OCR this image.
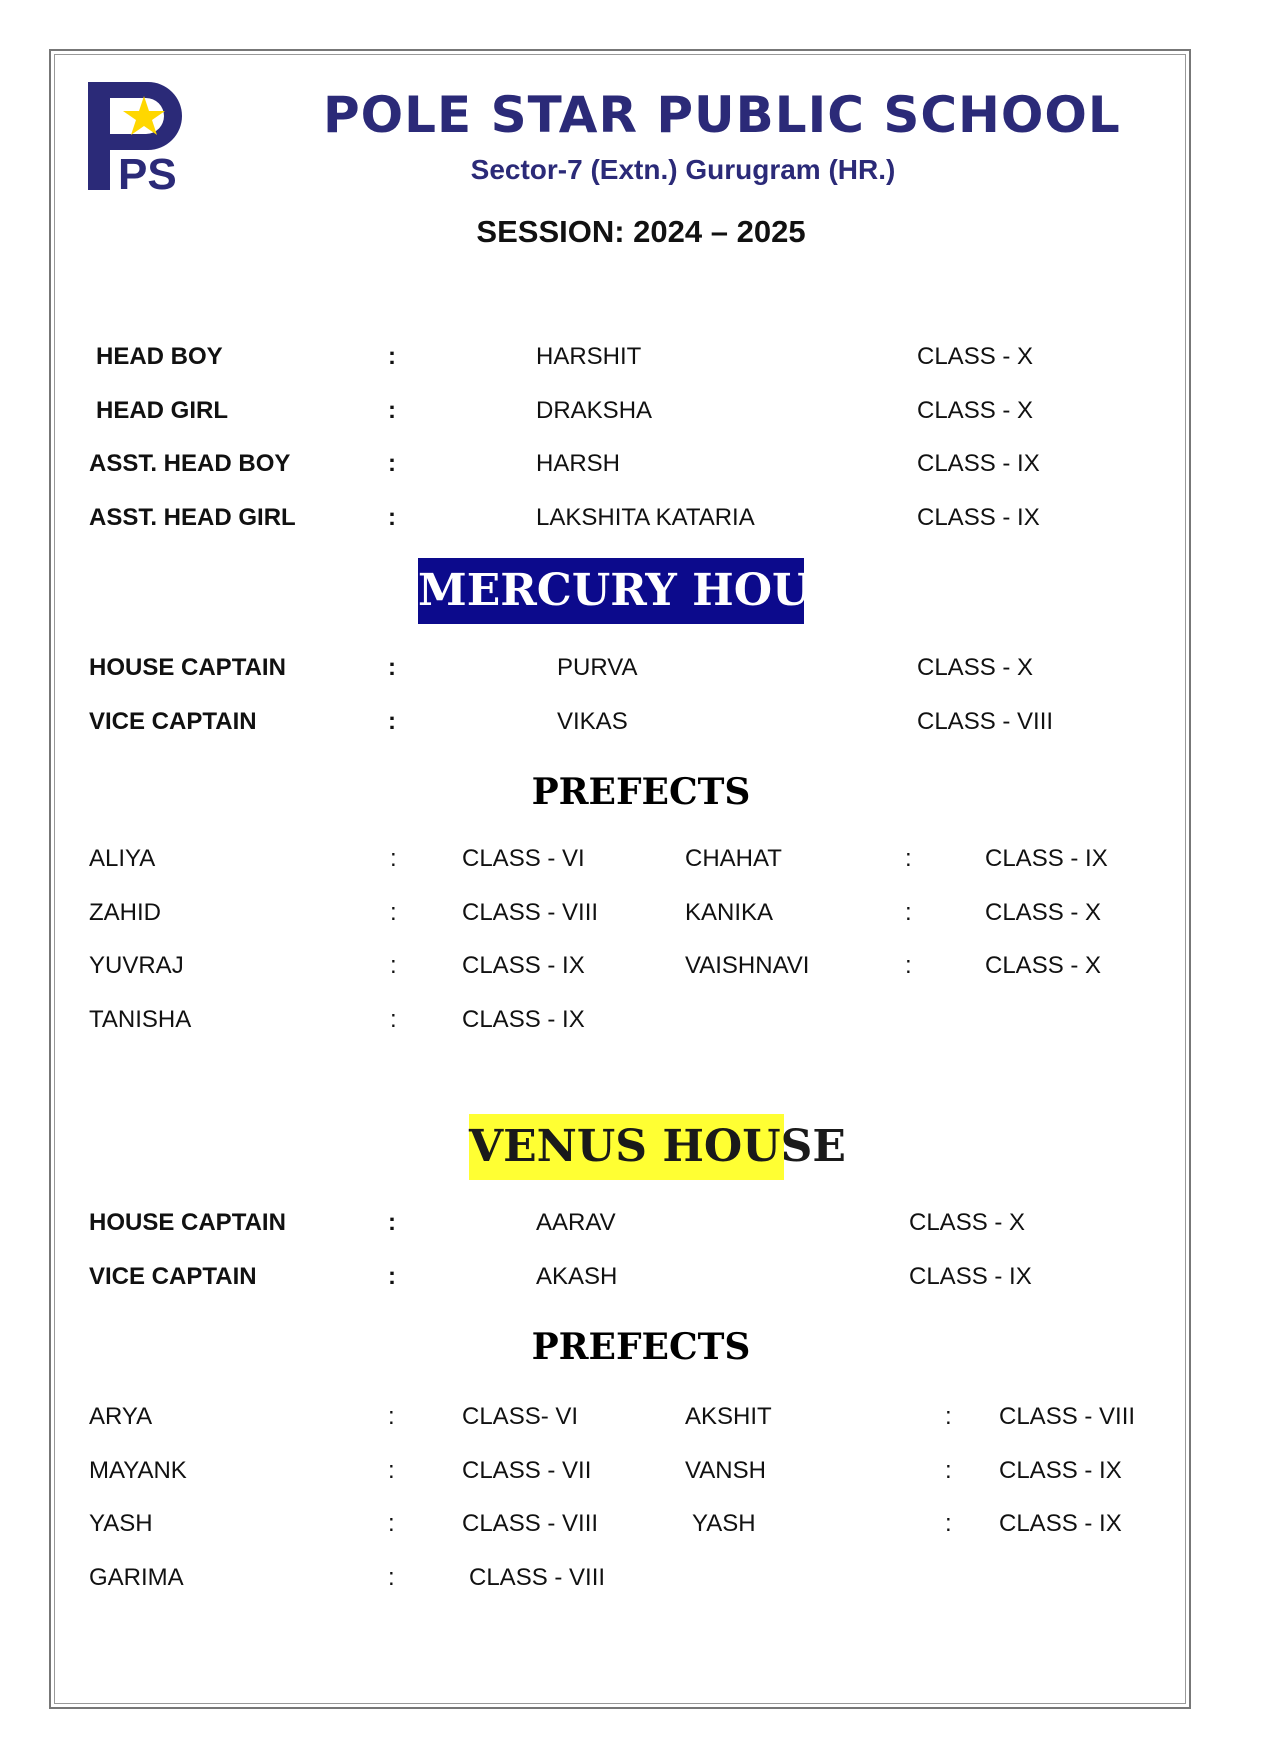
PS
POLE STAR PUBLIC SCHOOL
Sector-7 (Extn.) Gurugram (HR.)
SESSION: 2024 – 2025
HEAD BOY	:	HARSHIT	CLASS - X
HEAD GIRL	:	DRAKSHA	CLASS - X
ASST. HEAD BOY	:	HARSH	CLASS - IX
ASST. HEAD GIRL	:	LAKSHITA KATARIA	CLASS - IX
MERCURY HOUSE
HOUSE CAPTAIN	:	PURVA	CLASS - X
VICE CAPTAIN	:	VIKAS	CLASS - VIII
PREFECTS
ALIYA	:	CLASS - VI	CHAHAT	:	CLASS - IX
ZAHID	:	CLASS - VIII	KANIKA	:	CLASS - X
YUVRAJ	:	CLASS - IX	VAISHNAVI	:	CLASS - X
TANISHA	:	CLASS - IX
VENUS HOUSE
HOUSE CAPTAIN	:	AARAV	CLASS - X
VICE CAPTAIN	:	AKASH	CLASS - IX
PREFECTS
ARYA	:	CLASS- VI	AKSHIT	: CLASS - VIII
MAYANK	:	CLASS - VII	VANSH	: CLASS - IX
YASH	:	CLASS - VIII	YASH	: CLASS - IX
GARIMA	:	CLASS - VIII
